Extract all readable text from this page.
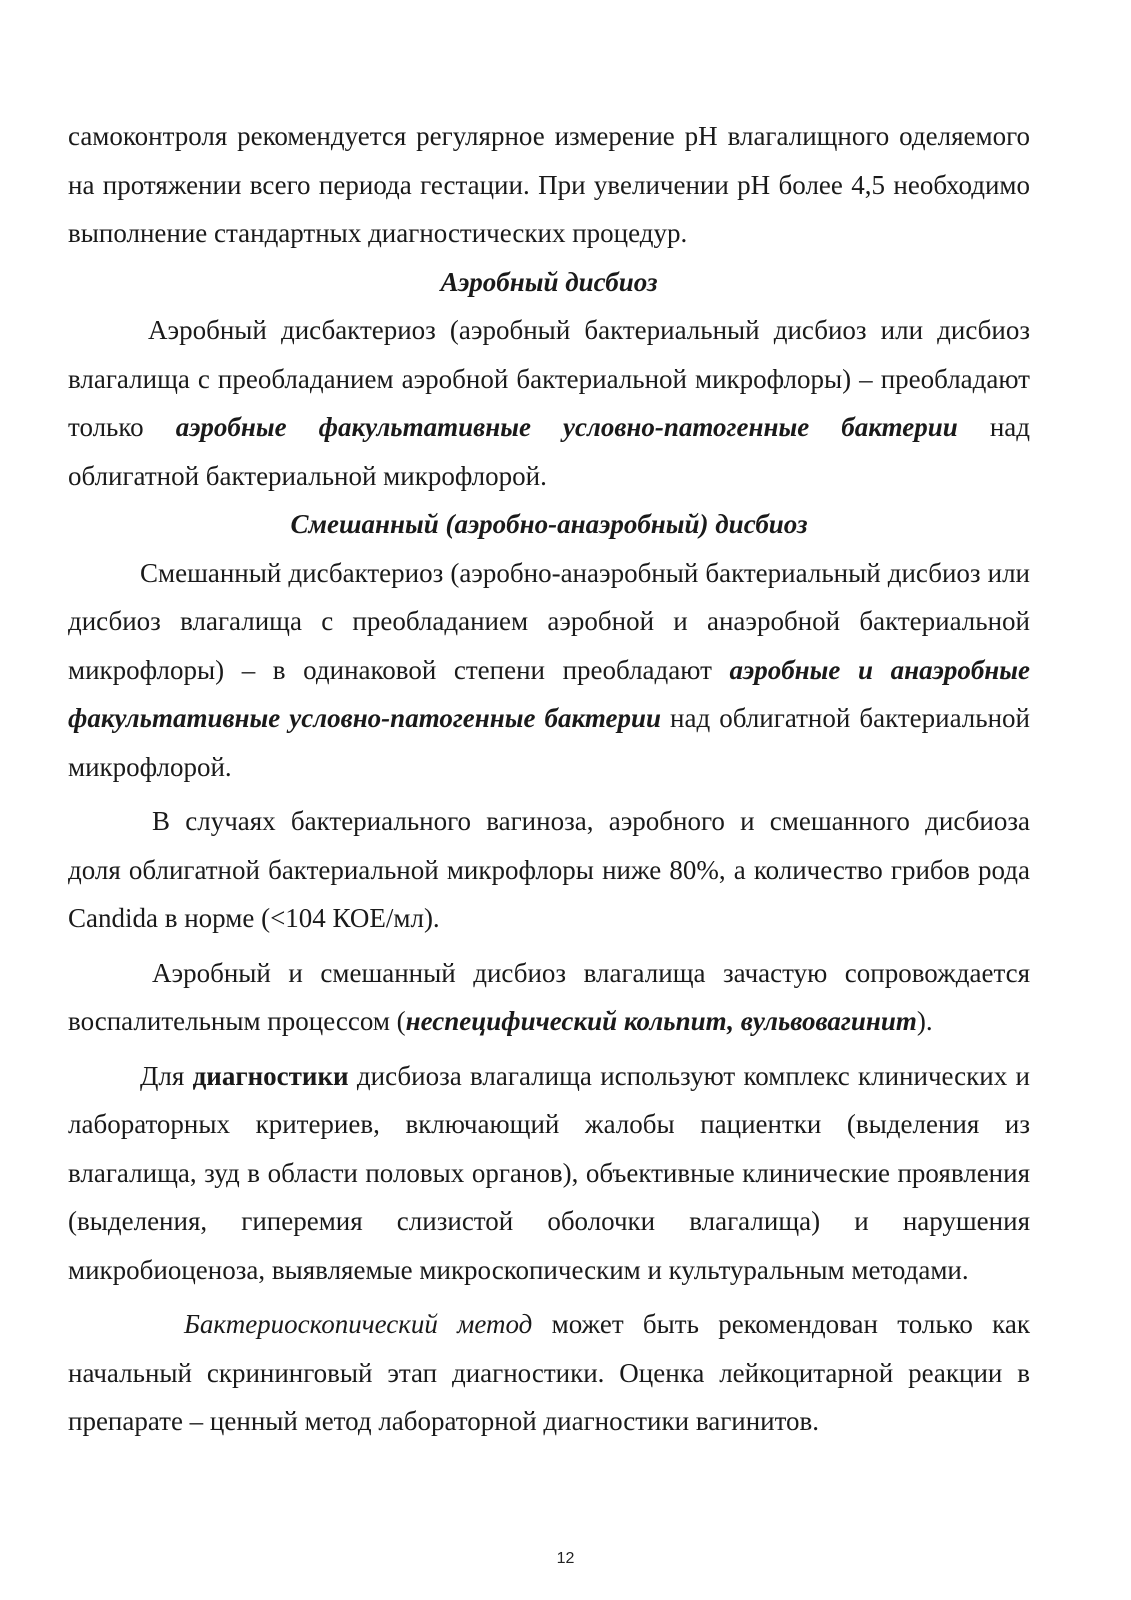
самоконтроля рекомендуется регулярное измерение pH влагалищного оделяемого на протяжении всего периода гестации. При увеличении pH более 4,5 необходимо выполнение стандартных диагностических процедур.

Аэробный дисбиоз

Аэробный дисбактериоз (аэробный бактериальный дисбиоз или дисбиоз влагалища с преобладанием аэробной бактериальной микрофлоры) – преобладают только аэробные факультативные условно-патогенные бактерии над облигатной бактериальной микрофлорой.

Смешанный (аэробно-анаэробный) дисбиоз

Смешанный дисбактериоз (аэробно-анаэробный бактериальный дисбиоз или дисбиоз влагалища с преобладанием аэробной и анаэробной бактериальной микрофлоры) – в одинаковой степени преобладают аэробные и анаэробные факультативные условно-патогенные бактерии над облигатной бактериальной микрофлорой.

В случаях бактериального вагиноза, аэробного и смешанного дисбиоза доля облигатной бактериальной микрофлоры ниже 80%, а количество грибов рода Candida в норме (<104 КОЕ/мл).

Аэробный и смешанный дисбиоз влагалища зачастую сопровождается воспалительным процессом (неспецифический кольпит, вульвовагинит).

Для диагностики дисбиоза влагалища используют комплекс клинических и лабораторных критериев, включающий жалобы пациентки (выделения из влагалища, зуд в области половых органов), объективные клинические проявления (выделения, гиперемия слизистой оболочки влагалища) и нарушения микробиоценоза, выявляемые микроскопическим и культуральным методами.

Бактериоскопический метод может быть рекомендован только как начальный скрининговый этап диагностики. Оценка лейкоцитарной реакции в препарате – ценный метод лабораторной диагностики вагинитов.

12
